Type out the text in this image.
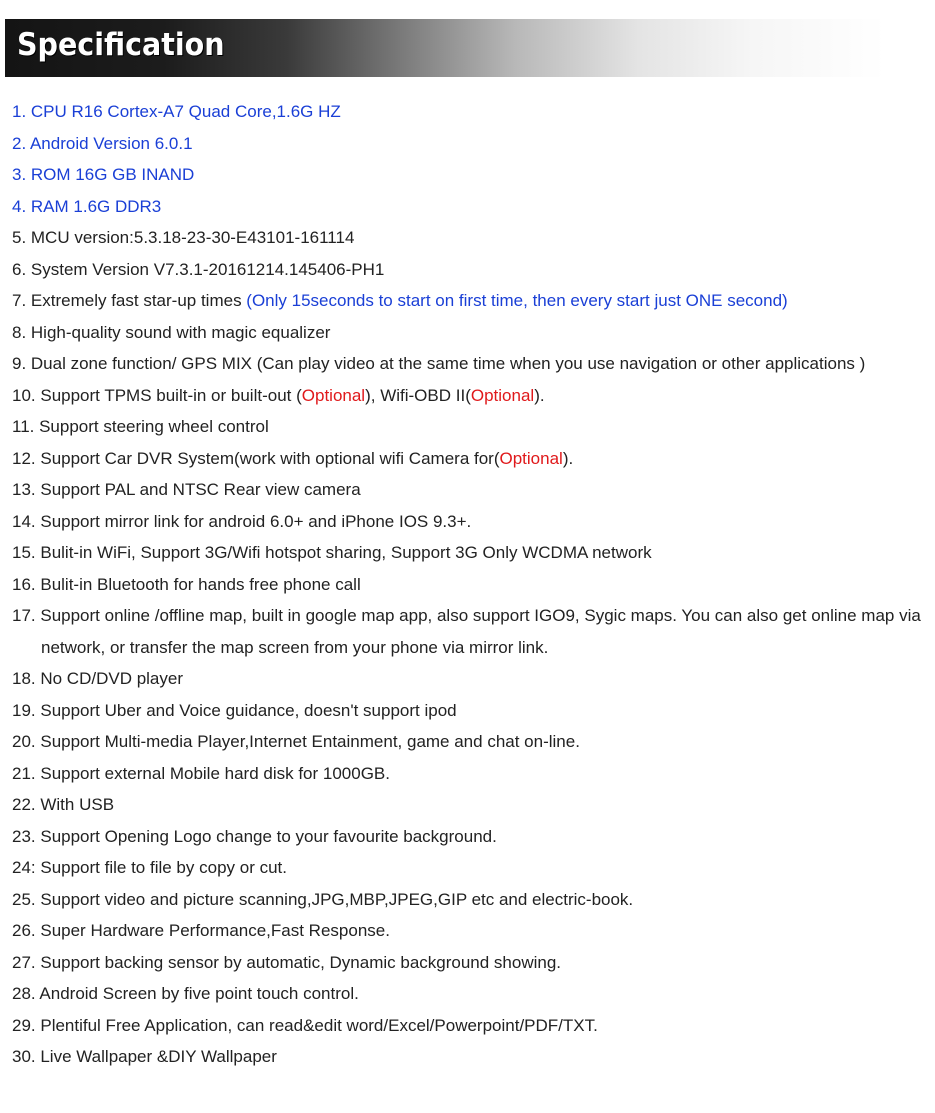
Specification
1. CPU R16 Cortex-A7 Quad Core,1.6G HZ
2. Android Version 6.0.1
3. ROM 16G GB INAND
4. RAM 1.6G DDR3
5. MCU version:5.3.18-23-30-E43101-161114
6. System Version V7.3.1-20161214.145406-PH1
7. Extremely fast star-up times (Only 15seconds to start on first time, then every start just ONE second)
8. High-quality sound with magic equalizer
9. Dual zone function/ GPS MIX (Can play video at the same time when you use navigation or other applications )
10. Support TPMS built-in or built-out (Optional), Wifi-OBD II(Optional).
11. Support steering wheel control
12. Support Car DVR System(work with optional wifi Camera for(Optional).
13. Support PAL and NTSC Rear view camera
14. Support mirror link for android 6.0+ and iPhone IOS 9.3+.
15. Bulit-in WiFi, Support 3G/Wifi hotspot sharing, Support 3G Only WCDMA network
16. Bulit-in Bluetooth for hands free phone call
17. Support online /offline map, built in google map app, also support IGO9, Sygic maps. You can also get online map via network, or transfer the map screen from your phone via mirror link.
18. No CD/DVD player
19. Support Uber and Voice guidance, doesn't support ipod
20. Support Multi-media Player,Internet Entainment, game and chat on-line.
21. Support external Mobile hard disk for 1000GB.
22. With USB
23. Support Opening Logo change to your favourite background.
24: Support file to file by copy or cut.
25. Support video and picture scanning,JPG,MBP,JPEG,GIP etc and electric-book.
26. Super Hardware Performance,Fast Response.
27. Support backing sensor by automatic, Dynamic background showing.
28. Android Screen by five point touch control.
29. Plentiful Free Application, can read&edit word/Excel/Powerpoint/PDF/TXT.
30. Live Wallpaper &DIY Wallpaper
